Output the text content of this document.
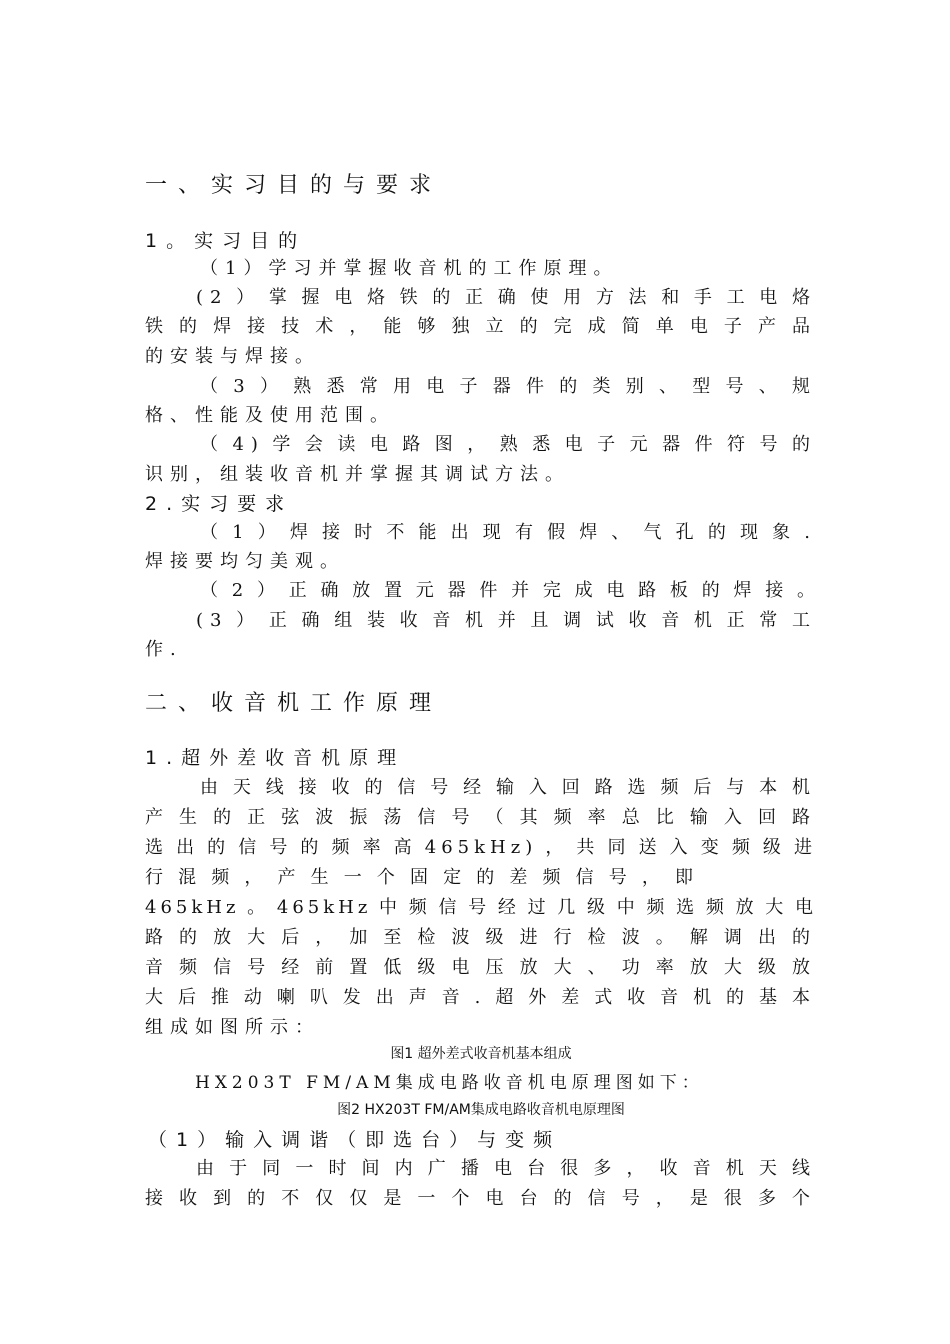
一、实习目的与要求
1。实习目的
（1）学习并掌握收音机的工作原理。
(2）掌握电烙铁的正确使用方法和手工电烙
铁的焊接技术，能够独立的完成简单电子产品
的安装与焊接。
（3）熟悉常用电子器件的类别、型号、规
格、性能及使用范围。
（4)学会读电路图，熟悉电子元器件符号的
识别，组装收音机并掌握其调试方法。
2.实习要求
（1）焊接时不能出现有假焊、气孔的现象.
焊接要均匀美观。
（2）正确放置元器件并完成电路板的焊接。
(3）正确组装收音机并且调试收音机正常工
作.
二、收音机工作原理
1.超外差收音机原理
由天线接收的信号经输入回路选频后与本机
产生的正弦波振荡信号（其频率总比输入回路
选出的信号的频率高465kHz)，共同送入变频级进
行混频，产生一个固定的差频信号，即
465kHz。465kHz中频信号经过几级中频选频放大电
路的放大后，加至检波级进行检波。解调出的
音频信号经前置低级电压放大、功率放大级放
大后推动喇叭发出声音.超外差式收音机的基本
组成如图所示：
图1 超外差式收音机基本组成
HX203T FM/AM集成电路收音机电原理图如下：
图2 HX203T FM/AM集成电路收音机电原理图
（1）输入调谐（即选台）与变频
由于同一时间内广播电台很多，收音机天线
接收到的不仅仅是一个电台的信号，是很多个
